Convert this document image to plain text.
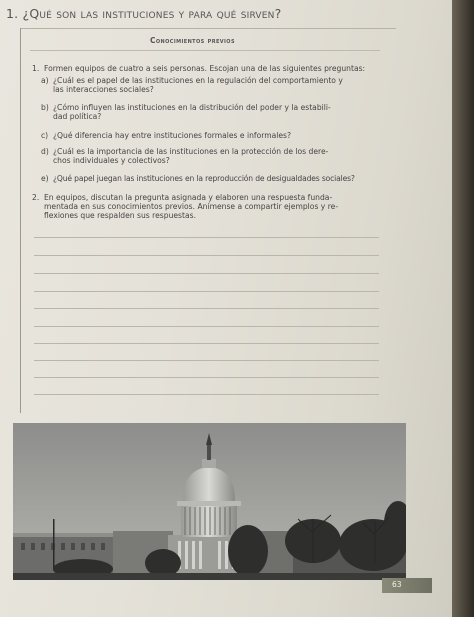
1. ¿Qué son las instituciones y para qué sirven?
Conocimientos previos
1. Formen equipos de cuatro a seis personas. Escojan una de las siguientes preguntas:
a) ¿Cuál es el papel de las instituciones en la regulación del comportamiento y
las interacciones sociales?
b) ¿Cómo influyen las instituciones en la distribución del poder y la estabili-
dad política?
c) ¿Qué diferencia hay entre instituciones formales e informales?
d) ¿Cuál es la importancia de las instituciones en la protección de los dere-
chos individuales y colectivos?
e) ¿Qué papel juegan las instituciones en la reproducción de desigualdades sociales?
2. En equipos, discutan la pregunta asignada y elaboren una respuesta funda-
mentada en sus conocimientos previos. Anímense a compartir ejemplos y re-
flexiones que respalden sus respuestas.
63
